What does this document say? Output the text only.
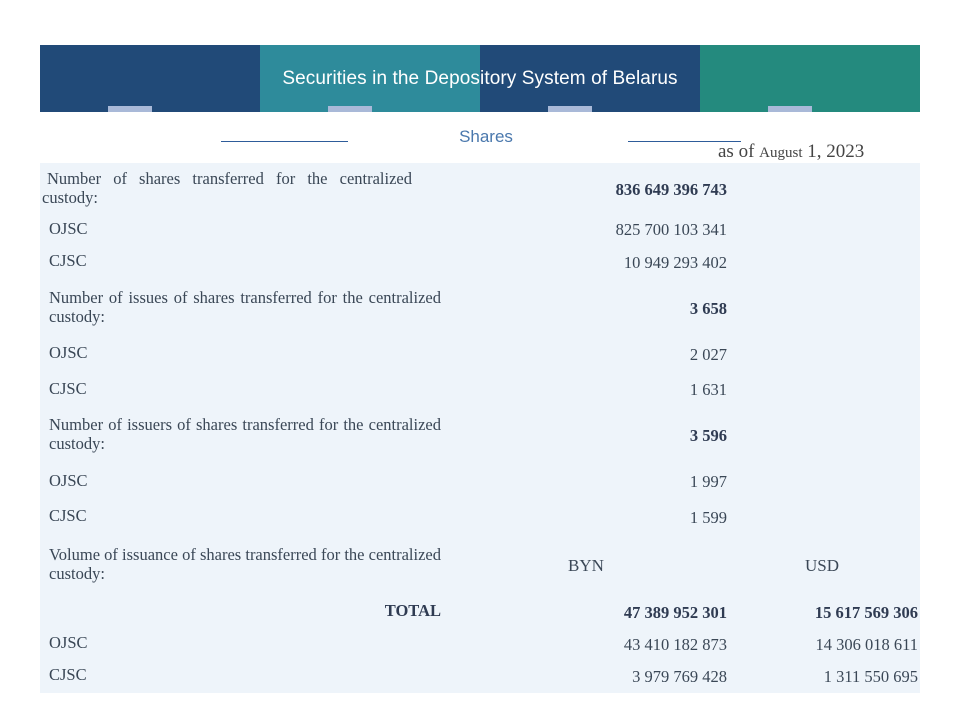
Securities in the Depository System of Belarus
Shares
as of August 1, 2023
Number of shares transferred for the centralized custody:	836 649 396 743
OJSC	825 700 103 341
CJSC	10 949 293 402
Number of issues of shares transferred for the centralized custody:	3 658
OJSC	2 027
CJSC	1 631
Number of issuers of shares transferred for the centralized custody:	3 596
OJSC	1 997
CJSC	1 599
Volume of issuance of shares transferred for the centralized custody:	BYN	USD
TOTAL	47 389 952 301	15 617 569 306
OJSC	43 410 182 873	14 306 018 611
CJSC	3 979 769 428	1 311 550 695
